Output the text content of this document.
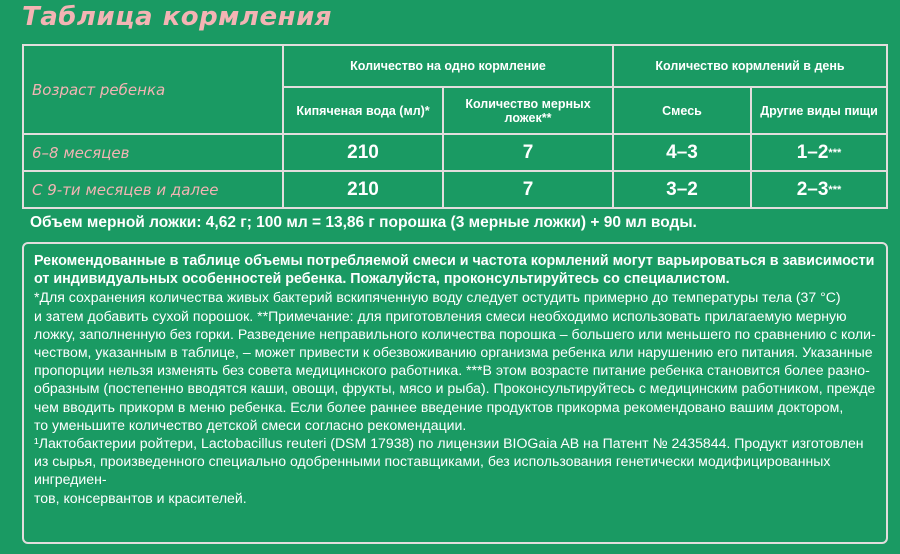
Таблица кормления
Количество на одно кормление	Количество кормлений в день
Возраст ребенка
Кипяченая вода (мл)*	Количество мерных ложек**	Смесь	Другие виды пищи
6–8 месяцев	210	7	4–3	1–2 ***
С 9-ти месяцев и далее	210	7	3–2	2–3 ***
Объем мерной ложки: 4,62 г; 100 мл = 13,86 г порошка (3 мерные ложки) + 90 мл воды.

Рекомендованные в таблице объемы потребляемой смеси и частота кормлений могут варьироваться в зависимости

от индивидуальных особенностей ребенка. Пожалуйста, проконсультируйтесь со специалистом.

*Для сохранения количества живых бактерий вскипяченную воду следует остудить примерно до температуры тела (37 °С)

и затем добавить сухой порошок. **Примечание: для приготовления смеси необходимо использовать прилагаемую мерную

ложку, заполненную без горки. Разведение неправильного количества порошка – большего или меньшего по сравнению с коли-

чеством, указанным в таблице, – может привести к обезвоживанию организма ребенка или нарушению его питания. Указанные

пропорции нельзя изменять без совета медицинского работника. ***В этом возрасте питание ребенка становится более разно-

образным (постепенно вводятся каши, овощи, фрукты, мясо и рыба). Проконсультируйтесь с медицинским работником, прежде

чем вводить прикорм в меню ребенка. Если более раннее введение продуктов прикорма рекомендовано вашим доктором,

то уменьшите количество детской смеси согласно рекомендации.

¹Лактобактерии ройтери, Lactobacillus reuteri (DSM 17938) по лицензии BIOGaia AB на Патент № 2435844. Продукт изготовлен

из сырья, произведенного специально одобренными поставщиками, без использования генетически модифицированных ингредиен-

тов, консервантов и красителей.
